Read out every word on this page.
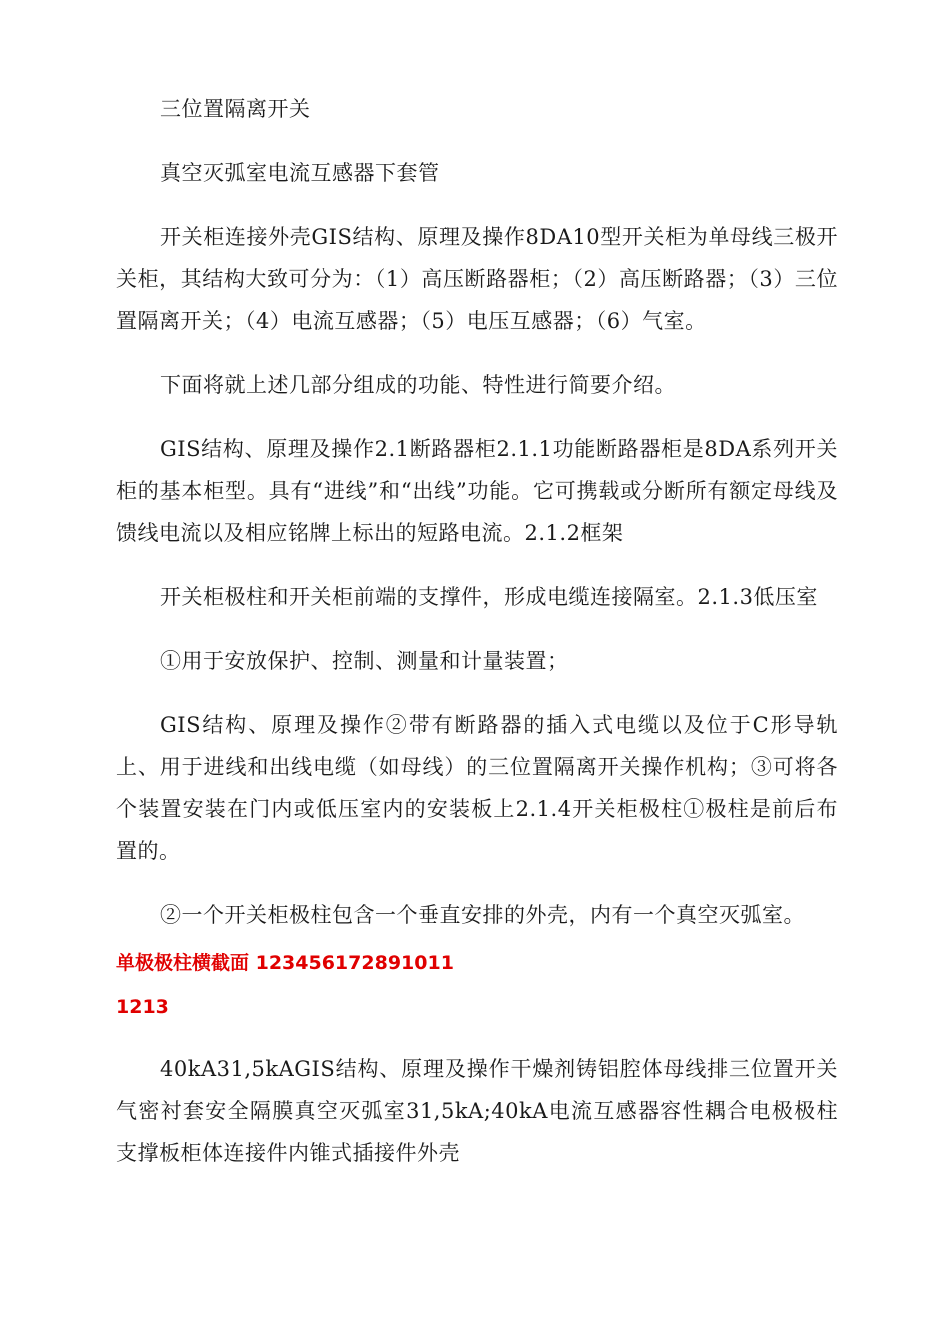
三位置隔离开关

真空灭弧室电流互感器下套管

开关柜连接外壳GIS结构、原理及操作8DA10型开关柜为单母线三极开关柜，其结构大致可分为：（1）高压断路器柜；（2）高压断路器；（3）三位置隔离开关；（4）电流互感器；（5）电压互感器；（6）气室。

下面将就上述几部分组成的功能、特性进行简要介绍。

GIS结构、原理及操作2.1断路器柜2.1.1功能断路器柜是8DA系列开关柜的基本柜型。具有“进线”和“出线”功能。它可携载或分断所有额定母线及馈线电流以及相应铭牌上标出的短路电流。2.1.2框架

开关柜极柱和开关柜前端的支撑件，形成电缆连接隔室。2.1.3低压室

①用于安放保护、控制、测量和计量装置；

GIS结构、原理及操作②带有断路器的插入式电缆以及位于C形导轨上、用于进线和出线电缆（如母线）的三位置隔离开关操作机构；③可将各个装置安装在门内或低压室内的安装板上2.1.4开关柜极柱①极柱是前后布置的。

②一个开关柜极柱包含一个垂直安排的外壳，内有一个真空灭弧室。

单极极柱横截面 12345617289101​1

1213

40kA31,5kAGIS结构、原理及操作干燥剂铸铝腔体母线排三位置开关气密衬套安全隔膜真空灭弧室31,5kA;40kA电流互感器容性耦合电极极柱支撑板柜体连接件内锥式插接件外壳
